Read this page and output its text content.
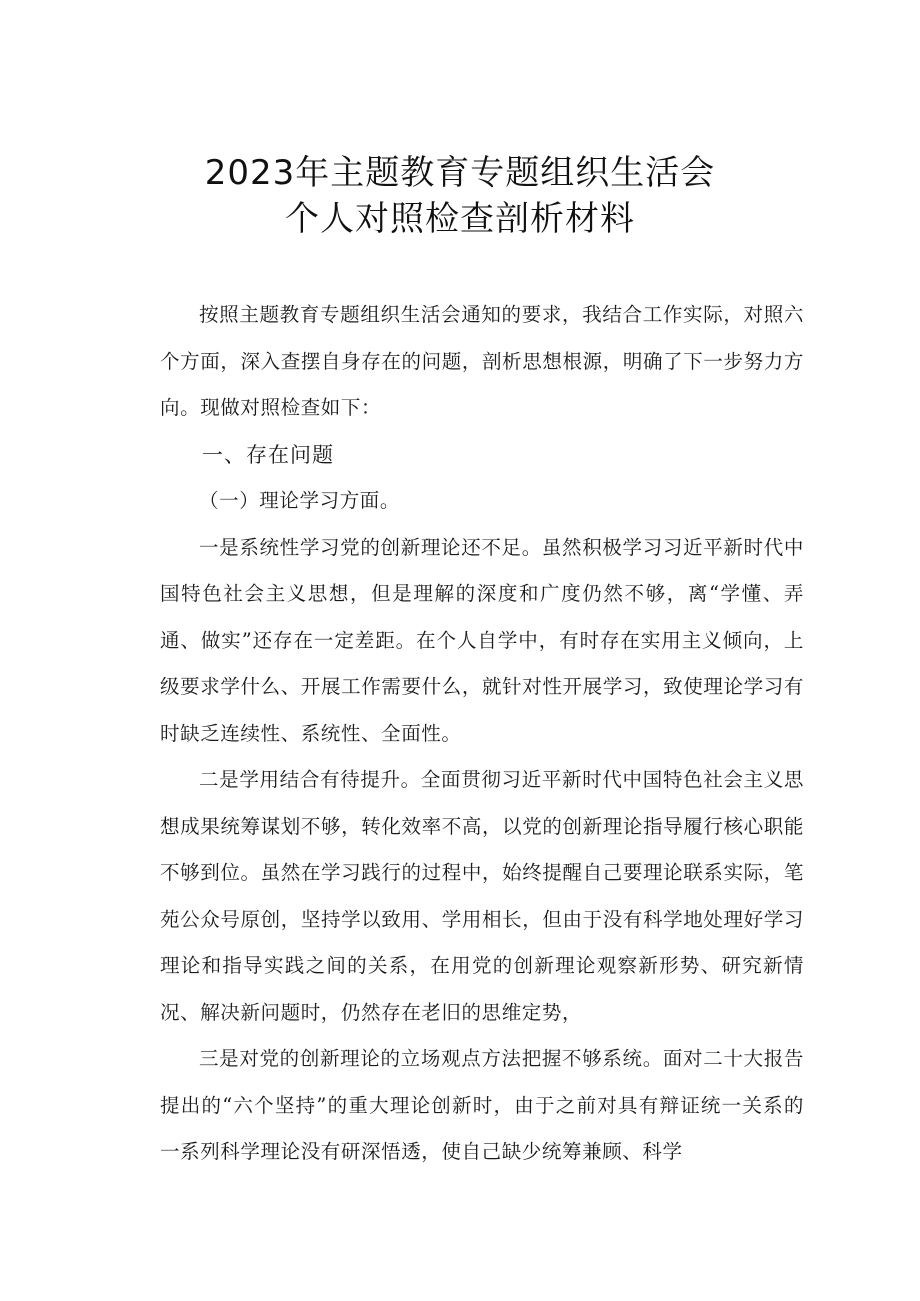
2023年主题教育专题组织生活会
个人对照检查剖析材料

按照主题教育专题组织生活会通知的要求，我结合工作实际，对照六个方面，深入查摆自身存在的问题，剖析思想根源，明确了下一步努力方向。现做对照检查如下：

一、存在问题

（一）理论学习方面。

一是系统性学习党的创新理论还不足。虽然积极学习习近平新时代中国特色社会主义思想，但是理解的深度和广度仍然不够，离“学懂、弄通、做实”还存在一定差距。在个人自学中，有时存在实用主义倾向，上级要求学什么、开展工作需要什么，就针对性开展学习，致使理论学习有时缺乏连续性、系统性、全面性。

二是学用结合有待提升。全面贯彻习近平新时代中国特色社会主义思想成果统筹谋划不够，转化效率不高，以党的创新理论指导履行核心职能不够到位。虽然在学习践行的过程中，始终提醒自己要理论联系实际，笔苑公众号原创，坚持学以致用、学用相长，但由于没有科学地处理好学习理论和指导实践之间的关系，在用党的创新理论观察新形势、研究新情况、解决新问题时，仍然存在老旧的思维定势，

三是对党的创新理论的立场观点方法把握不够系统。面对二十大报告提出的“六个坚持”的重大理论创新时，由于之前对具有辩证统一关系的一系列科学理论没有研深悟透，使自己缺少统筹兼顾、科学
